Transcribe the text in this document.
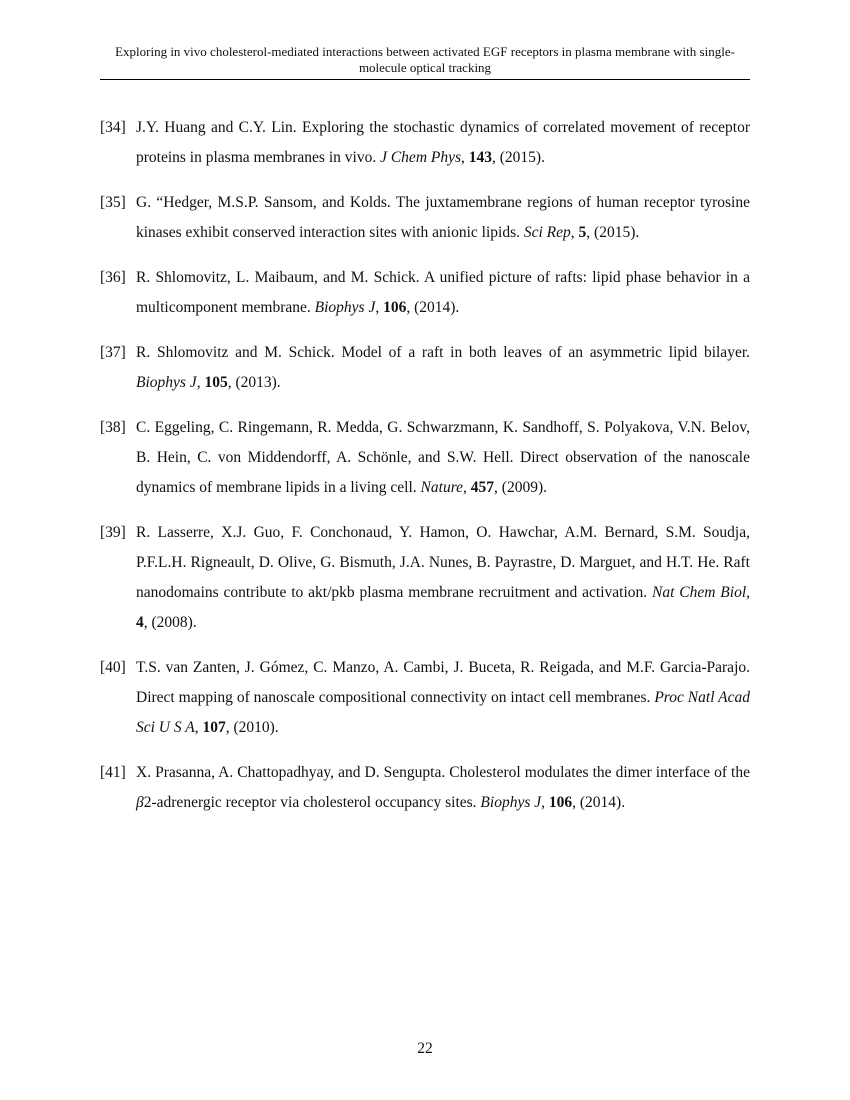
Exploring in vivo cholesterol-mediated interactions between activated EGF receptors in plasma membrane with single-molecule optical tracking
[34] J.Y. Huang and C.Y. Lin. Exploring the stochastic dynamics of correlated movement of receptor proteins in plasma membranes in vivo. J Chem Phys, 143, (2015).
[35] G. “Hedger, M.S.P. Sansom, and Kolds. The juxtamembrane regions of human receptor tyrosine kinases exhibit conserved interaction sites with anionic lipids. Sci Rep, 5, (2015).
[36] R. Shlomovitz, L. Maibaum, and M. Schick. A unified picture of rafts: lipid phase behavior in a multicomponent membrane. Biophys J, 106, (2014).
[37] R. Shlomovitz and M. Schick. Model of a raft in both leaves of an asymmetric lipid bilayer. Biophys J, 105, (2013).
[38] C. Eggeling, C. Ringemann, R. Medda, G. Schwarzmann, K. Sandhoff, S. Polyakova, V.N. Belov, B. Hein, C. von Middendorff, A. Schönle, and S.W. Hell. Direct observation of the nanoscale dynamics of membrane lipids in a living cell. Nature, 457, (2009).
[39] R. Lasserre, X.J. Guo, F. Conchonaud, Y. Hamon, O. Hawchar, A.M. Bernard, S.M. Soudja, P.F.L.H. Rigneault, D. Olive, G. Bismuth, J.A. Nunes, B. Payrastre, D. Marguet, and H.T. He. Raft nanodomains contribute to akt/pkb plasma membrane recruitment and activation. Nat Chem Biol, 4, (2008).
[40] T.S. van Zanten, J. Gómez, C. Manzo, A. Cambi, J. Buceta, R. Reigada, and M.F. Garcia-Parajo. Direct mapping of nanoscale compositional connectivity on intact cell membranes. Proc Natl Acad Sci U S A, 107, (2010).
[41] X. Prasanna, A. Chattopadhyay, and D. Sengupta. Cholesterol modulates the dimer interface of the β2-adrenergic receptor via cholesterol occupancy sites. Biophys J, 106, (2014).
22
